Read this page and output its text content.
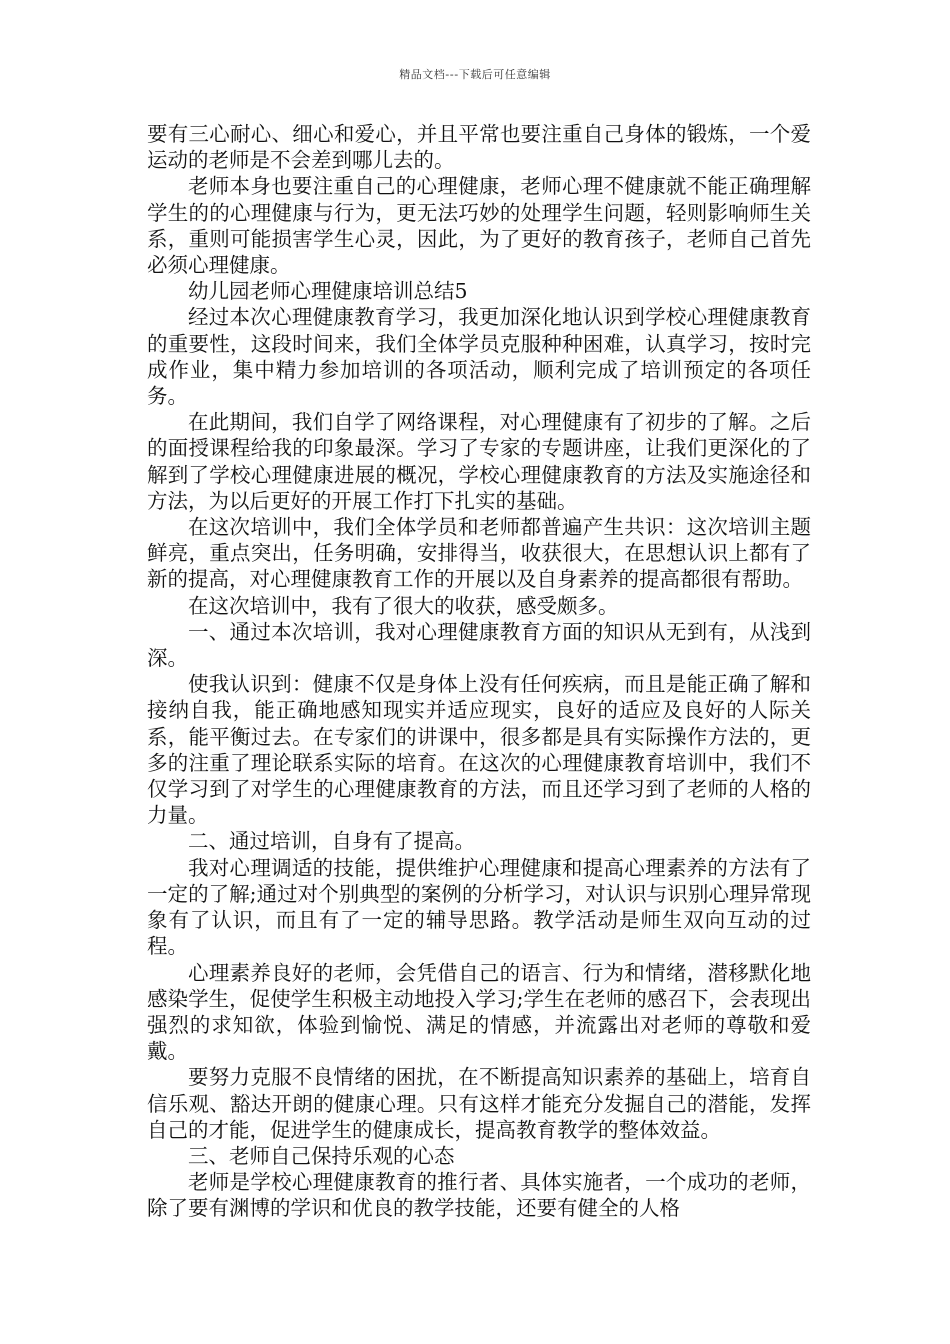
精品文档---下载后可任意编辑

要有三心耐心、细心和爱心，并且平常也要注重自己身体的锻炼，一个爱运动的老师是不会差到哪儿去的。

老师本身也要注重自己的心理健康，老师心理不健康就不能正确理解学生的的心理健康与行为，更无法巧妙的处理学生问题，轻则影响师生关系，重则可能损害学生心灵，因此，为了更好的教育孩子，老师自己首先必须心理健康。

幼儿园老师心理健康培训总结5

经过本次心理健康教育学习，我更加深化地认识到学校心理健康教育的重要性，这段时间来，我们全体学员克服种种困难，认真学习，按时完成作业，集中精力参加培训的各项活动，顺利完成了培训预定的各项任务。

在此期间，我们自学了网络课程，对心理健康有了初步的了解。之后的面授课程给我的印象最深。学习了专家的专题讲座，让我们更深化的了解到了学校心理健康进展的概况，学校心理健康教育的方法及实施途径和方法，为以后更好的开展工作打下扎实的基础。

在这次培训中，我们全体学员和老师都普遍产生共识：这次培训主题鲜亮，重点突出，任务明确，安排得当，收获很大，在思想认识上都有了新的提高，对心理健康教育工作的开展以及自身素养的提高都很有帮助。

在这次培训中，我有了很大的收获，感受颇多。

一、通过本次培训，我对心理健康教育方面的知识从无到有，从浅到深。

使我认识到：健康不仅是身体上没有任何疾病，而且是能正确了解和接纳自我，能正确地感知现实并适应现实，良好的适应及良好的人际关系，能平衡过去。在专家们的讲课中，很多都是具有实际操作方法的，更多的注重了理论联系实际的培育。在这次的心理健康教育培训中，我们不仅学习到了对学生的心理健康教育的方法，而且还学习到了老师的人格的力量。

二、通过培训，自身有了提高。

我对心理调适的技能，提供维护心理健康和提高心理素养的方法有了一定的了解;通过对个别典型的案例的分析学习，对认识与识别心理异常现象有了认识，而且有了一定的辅导思路。教学活动是师生双向互动的过程。

心理素养良好的老师，会凭借自己的语言、行为和情绪，潜移默化地感染学生，促使学生积极主动地投入学习;学生在老师的感召下，会表现出强烈的求知欲，体验到愉悦、满足的情感，并流露出对老师的尊敬和爱戴。

要努力克服不良情绪的困扰，在不断提高知识素养的基础上，培育自信乐观、豁达开朗的健康心理。只有这样才能充分发掘自己的潜能，发挥自己的才能，促进学生的健康成长，提高教育教学的整体效益。

三、老师自己保持乐观的心态

老师是学校心理健康教育的推行者、具体实施者，一个成功的老师，除了要有渊博的学识和优良的教学技能，还要有健全的人格
